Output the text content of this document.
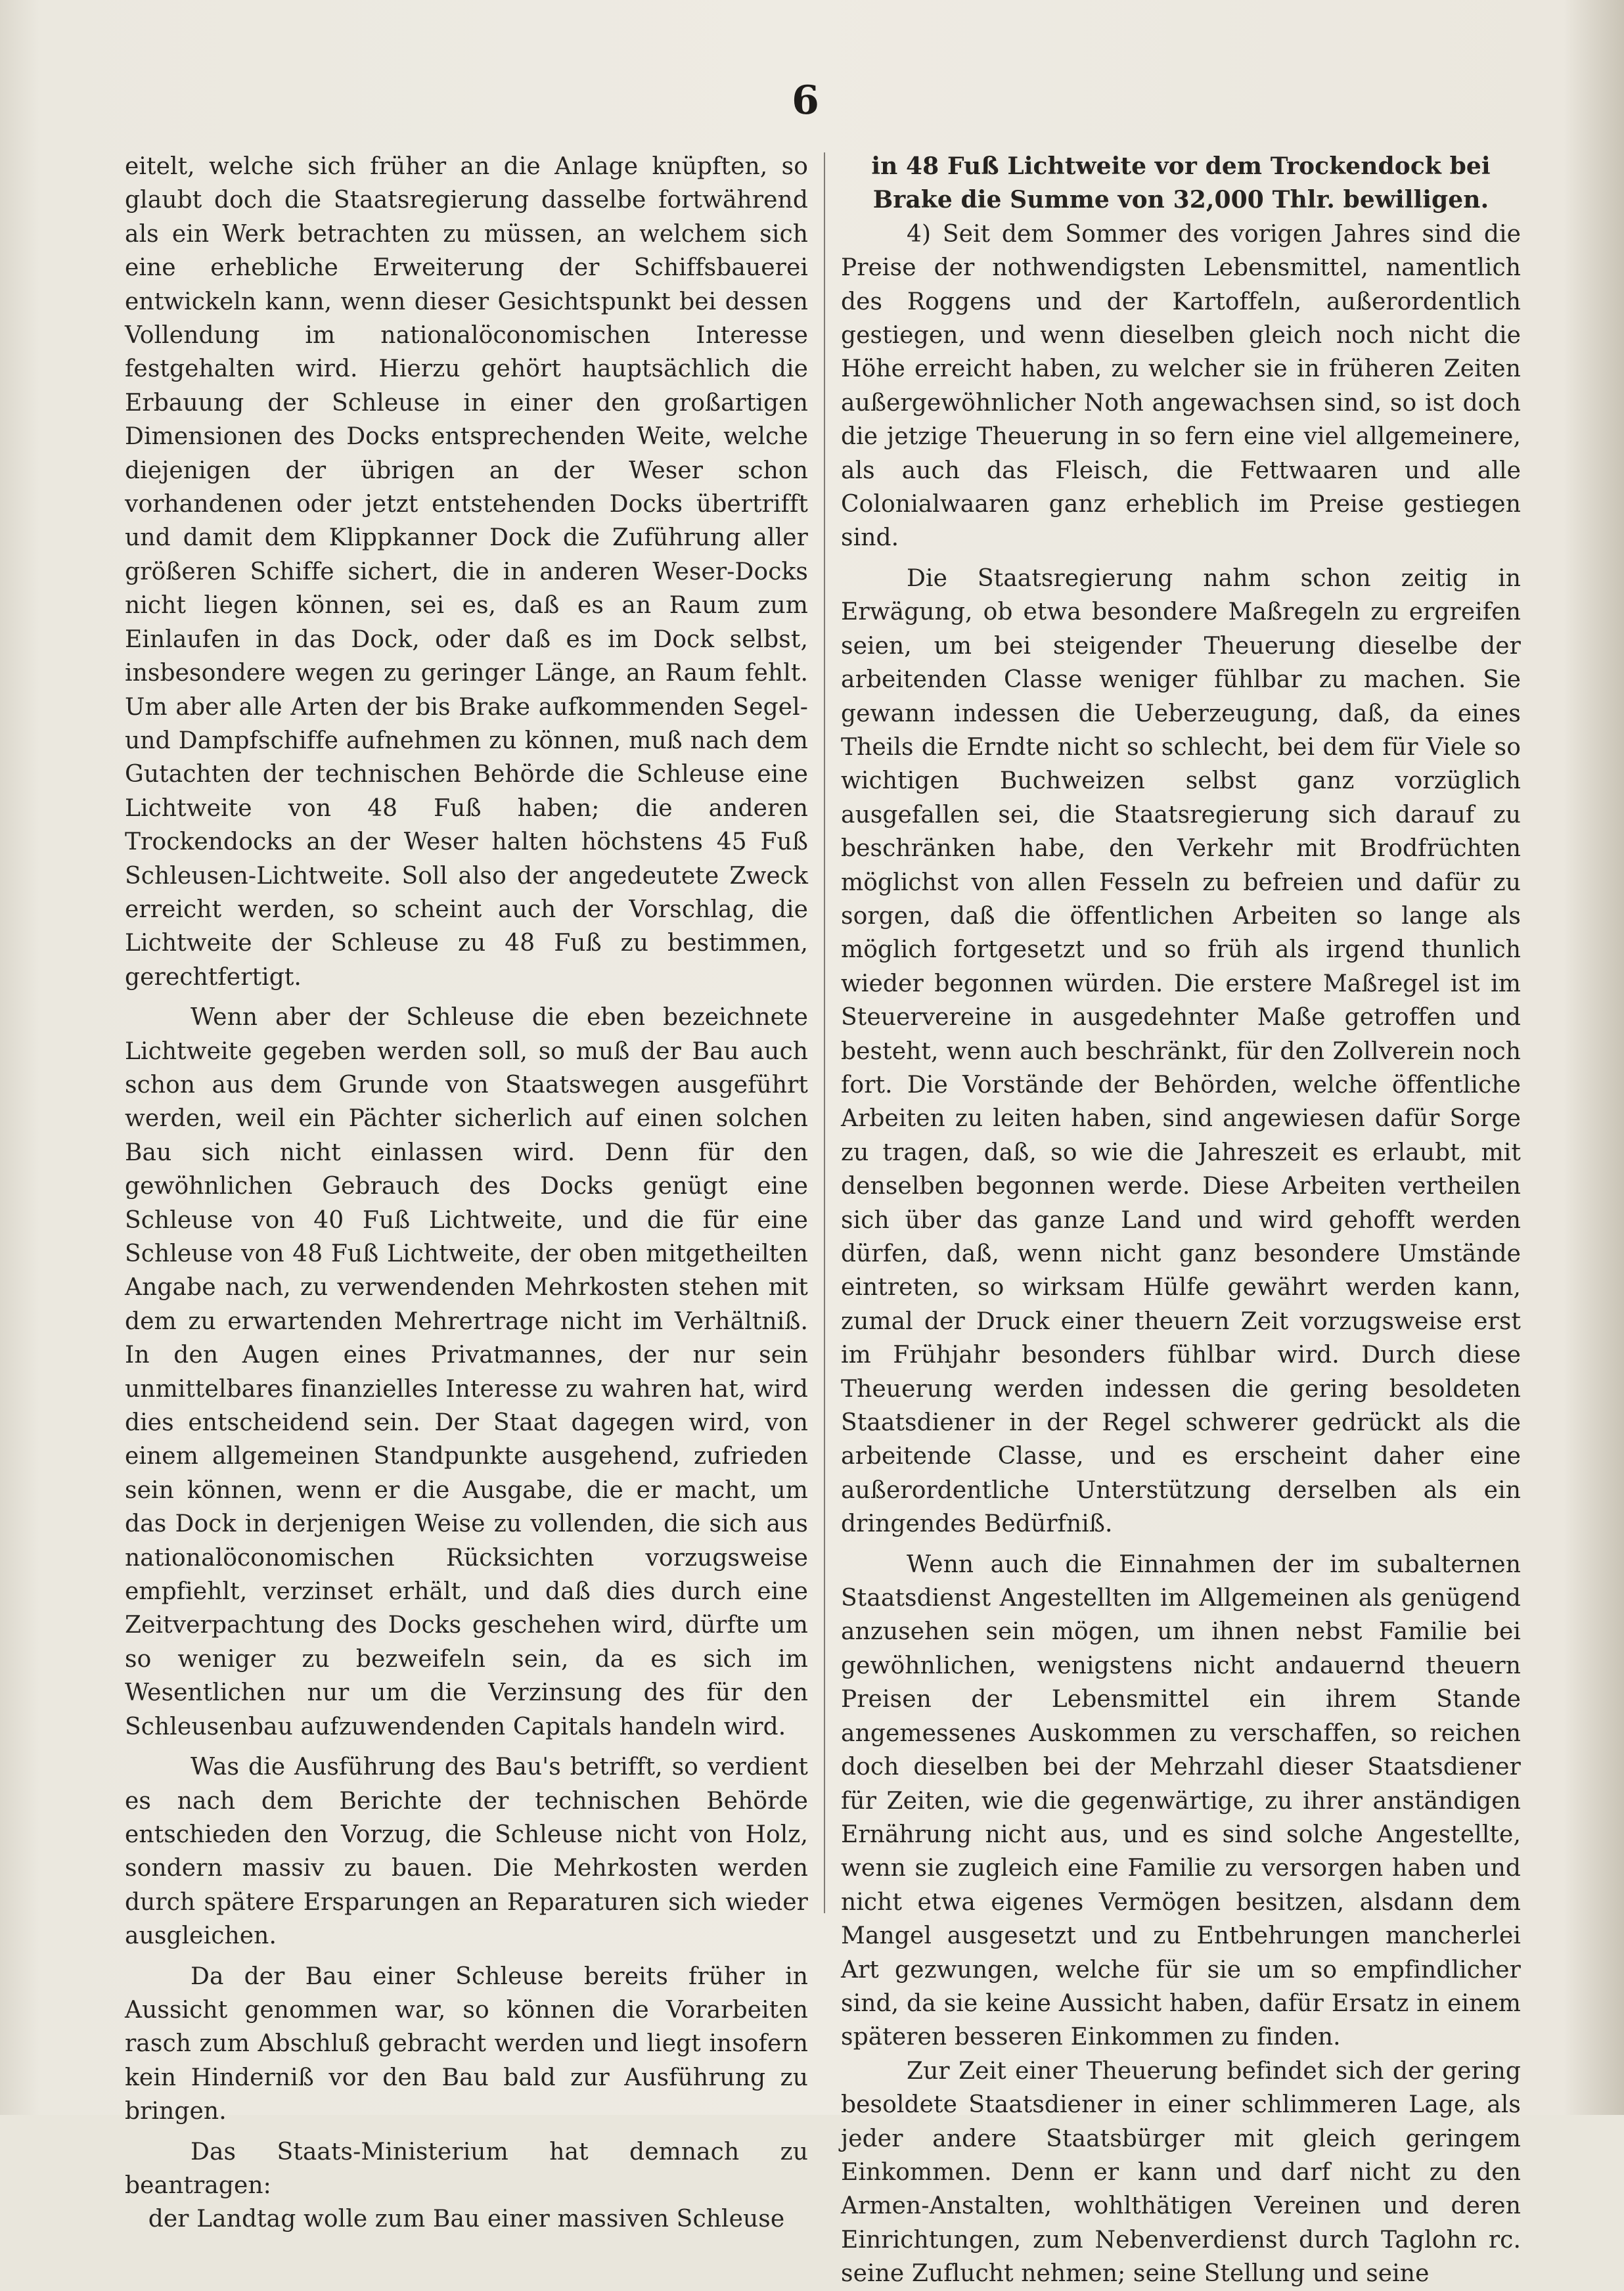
6

eitelt, welche sich früher an die Anlage knüpften, so glaubt doch die Staatsregierung dasselbe fortwährend als ein Werk betrachten zu müssen, an welchem sich eine erhebliche Erweiterung der Schiffsbauerei entwickeln kann, wenn dieser Gesichtspunkt bei dessen Vollendung im nationalöconomischen Interesse festgehalten wird. Hierzu gehört hauptsächlich die Erbauung der Schleuse in einer den großartigen Dimensionen des Docks entsprechenden Weite, welche diejenigen der übrigen an der Weser schon vorhandenen oder jetzt entstehenden Docks übertrifft und damit dem Klippkanner Dock die Zuführung aller größeren Schiffe sichert, die in anderen Weser-Docks nicht liegen können, sei es, daß es an Raum zum Einlaufen in das Dock, oder daß es im Dock selbst, insbesondere wegen zu geringer Länge, an Raum fehlt. Um aber alle Arten der bis Brake aufkommenden Segel- und Dampfschiffe aufnehmen zu können, muß nach dem Gutachten der technischen Behörde die Schleuse eine Lichtweite von 48 Fuß haben; die anderen Trockendocks an der Weser halten höchstens 45 Fuß Schleusen-Lichtweite. Soll also der angedeutete Zweck erreicht werden, so scheint auch der Vorschlag, die Lichtweite der Schleuse zu 48 Fuß zu bestimmen, gerechtfertigt.

Wenn aber der Schleuse die eben bezeichnete Lichtweite gegeben werden soll, so muß der Bau auch schon aus dem Grunde von Staatswegen ausgeführt werden, weil ein Pächter sicherlich auf einen solchen Bau sich nicht einlassen wird. Denn für den gewöhnlichen Gebrauch des Docks genügt eine Schleuse von 40 Fuß Lichtweite, und die für eine Schleuse von 48 Fuß Lichtweite, der oben mitgetheilten Angabe nach, zu verwendenden Mehrkosten stehen mit dem zu erwartenden Mehrertrage nicht im Verhältniß. In den Augen eines Privatmannes, der nur sein unmittelbares finanzielles Interesse zu wahren hat, wird dies entscheidend sein. Der Staat dagegen wird, von einem allgemeinen Standpunkte ausgehend, zufrieden sein können, wenn er die Ausgabe, die er macht, um das Dock in derjenigen Weise zu vollenden, die sich aus nationalöconomischen Rücksichten vorzugsweise empfiehlt, verzinset erhält, und daß dies durch eine Zeitverpachtung des Docks geschehen wird, dürfte um so weniger zu bezweifeln sein, da es sich im Wesentlichen nur um die Verzinsung des für den Schleusenbau aufzuwendenden Capitals handeln wird.

Was die Ausführung des Bau's betrifft, so verdient es nach dem Berichte der technischen Behörde entschieden den Vorzug, die Schleuse nicht von Holz, sondern massiv zu bauen. Die Mehrkosten werden durch spätere Ersparungen an Reparaturen sich wieder ausgleichen.

Da der Bau einer Schleuse bereits früher in Aussicht genommen war, so können die Vorarbeiten rasch zum Abschluß gebracht werden und liegt insofern kein Hinderniß vor den Bau bald zur Ausführung zu bringen.

Das Staats-Ministerium hat demnach zu beantragen:

der Landtag wolle zum Bau einer massiven Schleuse

in 48 Fuß Lichtweite vor dem Trockendock bei Brake die Summe von 32,000 Thlr. bewilligen.

4) Seit dem Sommer des vorigen Jahres sind die Preise der nothwendigsten Lebensmittel, namentlich des Roggens und der Kartoffeln, außerordentlich gestiegen, und wenn dieselben gleich noch nicht die Höhe erreicht haben, zu welcher sie in früheren Zeiten außergewöhnlicher Noth angewachsen sind, so ist doch die jetzige Theuerung in so fern eine viel allgemeinere, als auch das Fleisch, die Fettwaaren und alle Colonialwaaren ganz erheblich im Preise gestiegen sind.

Die Staatsregierung nahm schon zeitig in Erwägung, ob etwa besondere Maßregeln zu ergreifen seien, um bei steigender Theuerung dieselbe der arbeitenden Classe weniger fühlbar zu machen. Sie gewann indessen die Ueberzeugung, daß, da eines Theils die Erndte nicht so schlecht, bei dem für Viele so wichtigen Buchweizen selbst ganz vorzüglich ausgefallen sei, die Staatsregierung sich darauf zu beschränken habe, den Verkehr mit Brodfrüchten möglichst von allen Fesseln zu befreien und dafür zu sorgen, daß die öffentlichen Arbeiten so lange als möglich fortgesetzt und so früh als irgend thunlich wieder begonnen würden. Die erstere Maßregel ist im Steuervereine in ausgedehnter Maße getroffen und besteht, wenn auch beschränkt, für den Zollverein noch fort. Die Vorstände der Behörden, welche öffentliche Arbeiten zu leiten haben, sind angewiesen dafür Sorge zu tragen, daß, so wie die Jahreszeit es erlaubt, mit denselben begonnen werde. Diese Arbeiten vertheilen sich über das ganze Land und wird gehofft werden dürfen, daß, wenn nicht ganz besondere Umstände eintreten, so wirksam Hülfe gewährt werden kann, zumal der Druck einer theuern Zeit vorzugsweise erst im Frühjahr besonders fühlbar wird. Durch diese Theuerung werden indessen die gering besoldeten Staatsdiener in der Regel schwerer gedrückt als die arbeitende Classe, und es erscheint daher eine außerordentliche Unterstützung derselben als ein dringendes Bedürfniß.

Wenn auch die Einnahmen der im subalternen Staatsdienst Angestellten im Allgemeinen als genügend anzusehen sein mögen, um ihnen nebst Familie bei gewöhnlichen, wenigstens nicht andauernd theuern Preisen der Lebensmittel ein ihrem Stande angemessenes Auskommen zu verschaffen, so reichen doch dieselben bei der Mehrzahl dieser Staatsdiener für Zeiten, wie die gegenwärtige, zu ihrer anständigen Ernährung nicht aus, und es sind solche Angestellte, wenn sie zugleich eine Familie zu versorgen haben und nicht etwa eigenes Vermögen besitzen, alsdann dem Mangel ausgesetzt und zu Entbehrungen mancherlei Art gezwungen, welche für sie um so empfindlicher sind, da sie keine Aussicht haben, dafür Ersatz in einem späteren besseren Einkommen zu finden.

Zur Zeit einer Theuerung befindet sich der gering besoldete Staatsdiener in einer schlimmeren Lage, als jeder andere Staatsbürger mit gleich geringem Einkommen. Denn er kann und darf nicht zu den Armen-Anstalten, wohlthätigen Vereinen und deren Einrichtungen, zum Nebenverdienst durch Taglohn rc. seine Zuflucht nehmen; seine Stellung und seine
